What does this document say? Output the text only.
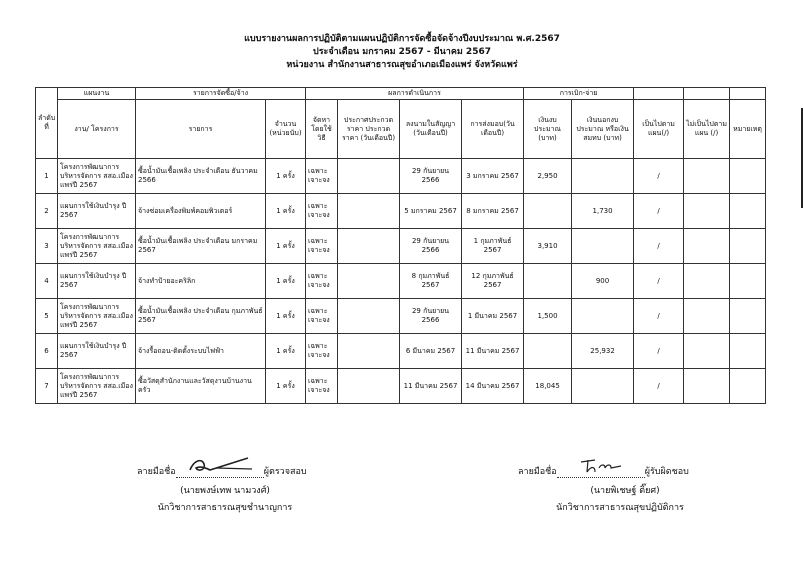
แบบรายงานผลการปฏิบัติตามแผนปฏิบัติการจัดซื้อจัดจ้างปีงบประมาณ พ.ศ.2567
ประจำเดือน มกราคม 2567 - มีนาคม 2567
หน่วยงาน สำนักงานสาธารณสุขอำเภอเมืองแพร่ จังหวัดแพร่
ลำดับที่	แผนงาน	รายการจัดซื้อ/จ้าง		ผลการดำเนินการ				การเบิก-จ่าย				
	งาน/ โครงการ	รายการ	จำนวน (หน่วยนับ)	จัดหาโดยใช้วิธี	ประกาศประกวดราคา ประกวดราคา (วันเดือนปี)	ลงนามในสัญญา (วันเดือนปี)	การส่งมอบ(วันเดือนปี)	เงินงบประมาณ (บาท)	เงินนอกงบประมาณ หรือเงินสมทบ (บาท)	เป็นไปตามแผน(/)	ไม่เป็นไปตามแผน (/)	หมายเหตุ
1	โครงการพัฒนาการบริหารจัดการ สสอ.เมืองแพร่ปี 2567	ซื้อน้ำมันเชื้อเพลิง ประจำเดือน ธันวาคม 2566	1 ครั้ง	เฉพาะเจาะจง		29 กันยายน 2566	3 มกราคม 2567	2,950		/		
2	แผนการใช้เงินบำรุง ปี 2567	จ้างซ่อมเครื่องพิมพ์คอมพิวเตอร์	1 ครั้ง	เฉพาะเจาะจง		5 มกราคม 2567	8 มกราคม 2567		1,730	/		
3	โครงการพัฒนาการบริหารจัดการ สสอ.เมืองแพร่ปี 2567	ซื้อน้ำมันเชื้อเพลิง ประจำเดือน มกราคม 2567	1 ครั้ง	เฉพาะเจาะจง		29 กันยายน 2566	1 กุมภาพันธ์ 2567	3,910		/		
4	แผนการใช้เงินบำรุง ปี 2567	จ้างทำป้ายอะคริลิก	1 ครั้ง	เฉพาะเจาะจง		8 กุมภาพันธ์ 2567	12 กุมภาพันธ์ 2567		900	/		
5	โครงการพัฒนาการบริหารจัดการ สสอ.เมืองแพร่ปี 2567	ซื้อน้ำมันเชื้อเพลิง ประจำเดือน กุมภาพันธ์ 2567	1 ครั้ง	เฉพาะเจาะจง		29 กันยายน 2566	1 มีนาคม 2567	1,500		/		
6	แผนการใช้เงินบำรุง ปี 2567	จ้างรื้อถอน-ติดตั้งระบบไฟฟ้า	1 ครั้ง	เฉพาะเจาะจง		6 มีนาคม 2567	11 มีนาคม 2567		25,932	/		
7	โครงการพัฒนาการบริหารจัดการ สสอ.เมืองแพร่ปี 2567	ซื้อวัสดุสำนักงานและวัสดุงานบ้านงานครัว	1 ครั้ง	เฉพาะเจาะจง		11 มีนาคม 2567	14 มีนาคม 2567	18,045		/		
ลายมือชื่อ	ผู้ตรวจสอบ
(นายพงษ์เทพ นามวงศ์)
นักวิชาการสาธารณสุขชำนาญการ
ลายมือชื่อ	ผู้รับผิดชอบ
(นายพิเชษฐ์ ติ๊ยศ)
นักวิชาการสาธารณสุขปฏิบัติการ
